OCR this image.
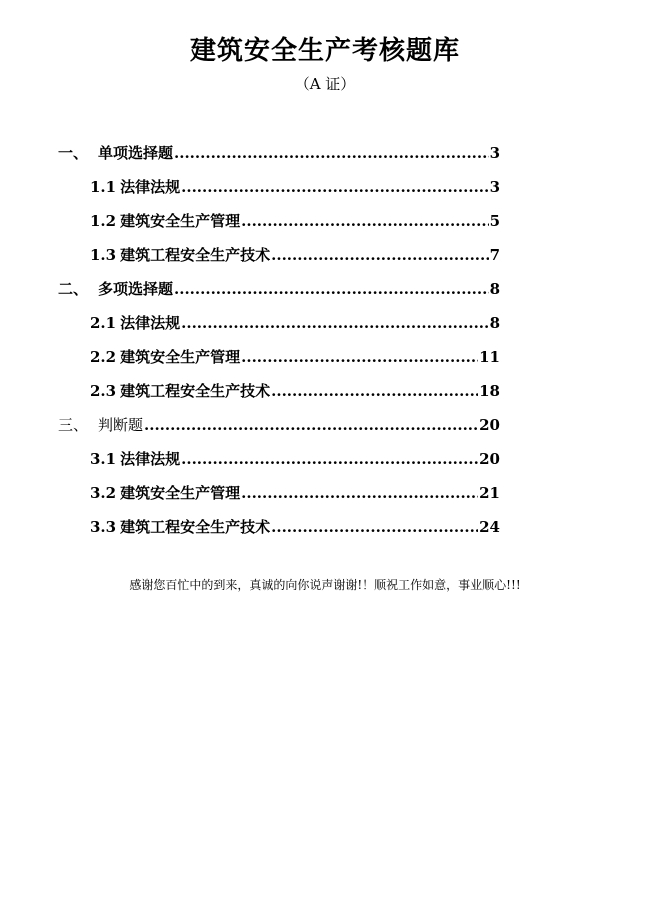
建筑安全生产考核题库
（A 证）
一、 单项选择题 .....	3
1.1 法律法规 .....	3
1.2 建筑安全生产管理 .....	5
1.3 建筑工程安全生产技术 .....	7
二、 多项选择题 .....	8
2.1 法律法规 .....	8
2.2 建筑安全生产管理 .....	11
2.3 建筑工程安全生产技术 .....	18
三、 判断题 .....	20
3.1 法律法规 .....	20
3.2 建筑安全生产管理 .....	21
3.3 建筑工程安全生产技术 .....	24
感谢您百忙中的到来，真诚的向你说声谢谢!！顺祝工作如意，事业顺心!!!
